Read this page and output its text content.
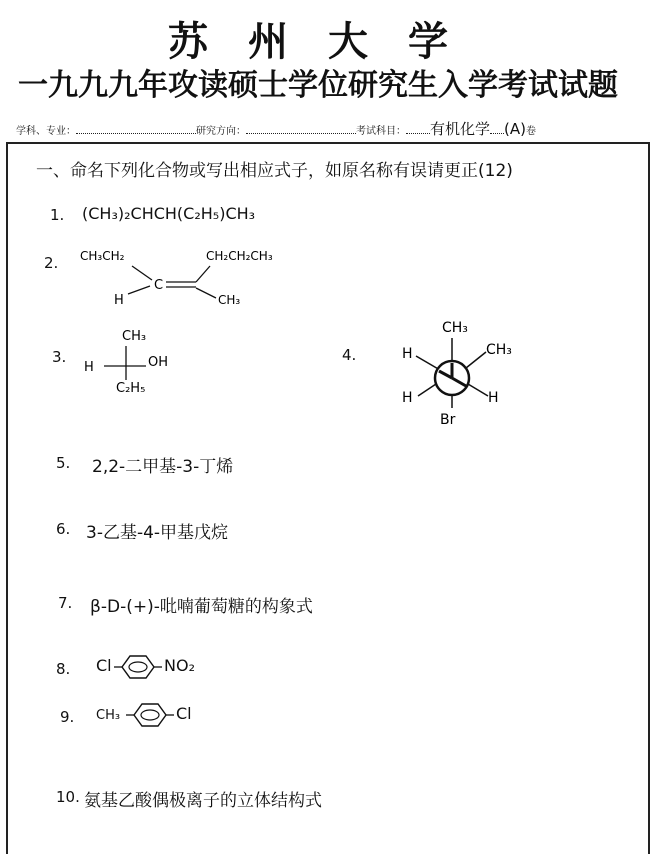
苏州大学
一九九九年攻读硕士学位研究生入学考试试题
学科、专业：	研究方向：	考试科目： 有机化学 (A)卷
一、命名下列化合物或写出相应式子，如原名称有误请更正(12)
1. (CH₃)₂CHCH(C₂H₅)CH₃
2. CH₃CH₂
H
C
CH₂CH₂CH₃
CH₃
3.
CH₃
H	OH
C₂H₅
4.
CH₃
H	CH₃
H	H
Br
5. 2,2-二甲基-3-丁烯
6. 3-乙基-4-甲基戊烷
7. β-D-(+)-吡喃葡萄糖的构象式
8. Cl	NO₂
9. CH₃	Cl
10. 氨基乙酸偶极离子的立体结构式
